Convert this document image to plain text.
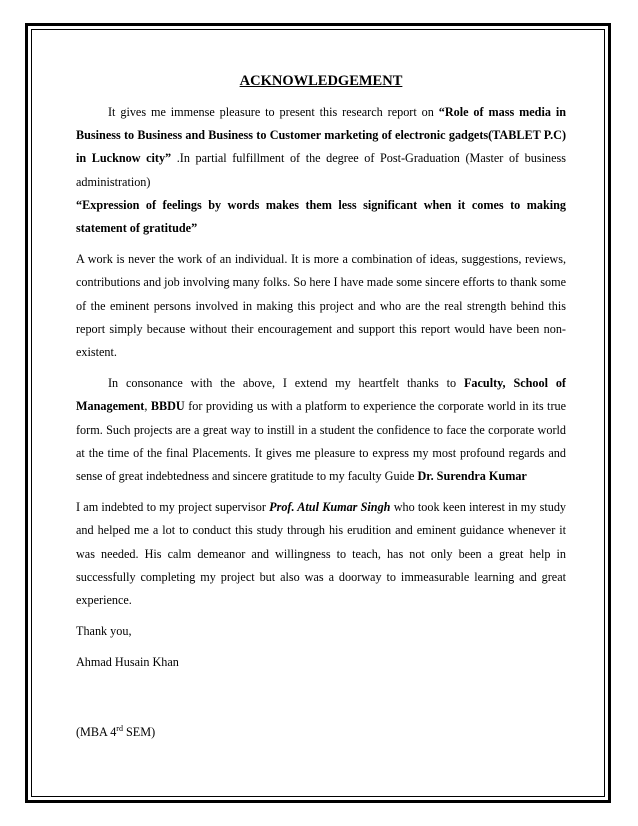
ACKNOWLEDGEMENT

It gives me immense pleasure to present this research report on “Role of mass media in Business to Business and Business to Customer marketing of electronic gadgets(TABLET P.C) in Lucknow city” .In partial fulfillment of the degree of Post-Graduation (Master of business administration)

“Expression of feelings by words makes them less significant when it comes to making statement of gratitude”

A work is never the work of an individual. It is more a combination of ideas, suggestions, reviews, contributions and job involving many folks. So here I have made some sincere efforts to thank some of the eminent persons involved in making this project and who are the real strength behind this report simply because without their encouragement and support this report would have been non-existent.

In consonance with the above, I extend my heartfelt thanks to Faculty, School of Management, BBDU for providing us with a platform to experience the corporate world in its true form. Such projects are a great way to instill in a student the confidence to face the corporate world at the time of the final Placements. It gives me pleasure to express my most profound regards and sense of great indebtedness and sincere gratitude to my faculty Guide Dr. Surendra Kumar

I am indebted to my project supervisor Prof. Atul Kumar Singh who took keen interest in my study and helped me a lot to conduct this study through his erudition and eminent guidance whenever it was needed. His calm demeanor and willingness to teach, has not only been a great help in successfully completing my project but also was a doorway to immeasurable learning and great experience.

Thank you,

Ahmad Husain Khan

(MBA 4rd SEM)
